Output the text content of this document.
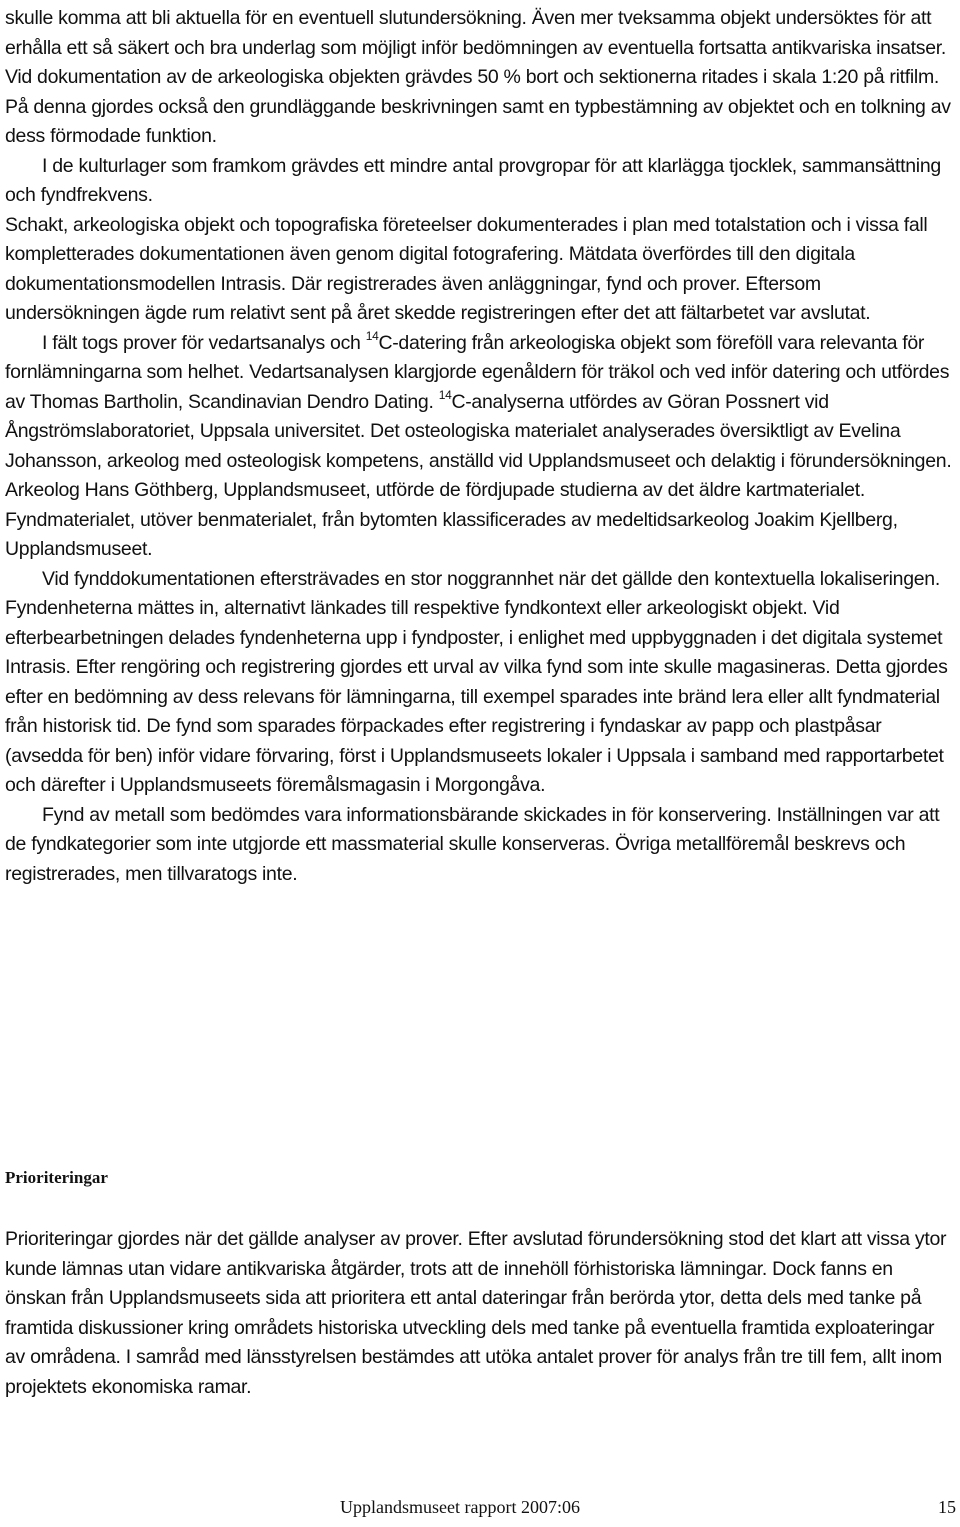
skulle komma att bli aktuella för en eventuell slutundersökning. Även mer tveksamma objekt undersöktes för att erhålla ett så säkert och bra underlag som möjligt inför bedömningen av eventuella fortsatta antikvariska insatser. Vid dokumentation av de arkeologiska objekten grävdes 50 % bort och sektionerna ritades i skala 1:20 på ritfilm. På denna gjordes också den grundläggande beskrivningen samt en typbestämning av objektet och en tolkning av dess förmodade funktion.

I de kulturlager som framkom grävdes ett mindre antal provgropar för att klarlägga tjocklek, sammansättning och fyndfrekvens.

Schakt, arkeologiska objekt och topografiska företeelser dokumenterades i plan med totalstation och i vissa fall kompletterades dokumentationen även genom digital fotografering. Mätdata överfördes till den digitala dokumentationsmodellen Intrasis. Där registrerades även anläggningar, fynd och prover. Eftersom undersökningen ägde rum relativt sent på året skedde registreringen efter det att fältarbetet var avslutat.

I fält togs prover för vedartsanalys och $^{14}$C-datering från arkeologiska objekt som föreföll vara relevanta för fornlämningarna som helhet. Vedartsanalysen klargjorde egenåldern för träkol och ved inför datering och utfördes av Thomas Bartholin, Scandinavian Dendro Dating. $^{14}$C-analyserna utfördes av Göran Possnert vid Ångströmslaboratoriet, Uppsala universitet. Det osteologiska materialet analyserades översiktligt av Evelina Johansson, arkeolog med osteologisk kompetens, anställd vid Upplandsmuseet och delaktig i förundersökningen. Arkeolog Hans Göthberg, Upplandsmuseet, utförde de fördjupade studierna av det äldre kartmaterialet. Fyndmaterialet, utöver benmaterialet, från bytomten klassificerades av medeltidsarkeolog Joakim Kjellberg, Upplandsmuseet.

Vid fynddokumentationen eftersträvades en stor noggrannhet när det gällde den kontextuella lokaliseringen. Fyndenheterna mättes in, alternativt länkades till respektive fyndkontext eller arkeologiskt objekt. Vid efterbearbetningen delades fyndenheterna upp i fyndposter, i enlighet med uppbyggnaden i det digitala systemet Intrasis. Efter rengöring och registrering gjordes ett urval av vilka fynd som inte skulle magasineras. Detta gjordes efter en bedömning av dess relevans för lämningarna, till exempel sparades inte bränd lera eller allt fyndmaterial från historisk tid. De fynd som sparades förpackades efter registrering i fyndaskar av papp och plastpåsar (avsedda för ben) inför vidare förvaring, först i Upplandsmuseets lokaler i Uppsala i samband med rapportarbetet och därefter i Upplandsmuseets föremålsmagasin i Morgongåva.

Fynd av metall som bedömdes vara informationsbärande skickades in för konservering. Inställningen var att de fyndkategorier som inte utgjorde ett massmaterial skulle konserveras. Övriga metallföremål beskrevs och registrerades, men tillvaratogs inte.

Prioriteringar

Prioriteringar gjordes när det gällde analyser av prover. Efter avslutad förundersökning stod det klart att vissa ytor kunde lämnas utan vidare antikvariska åtgärder, trots att de innehöll förhistoriska lämningar. Dock fanns en önskan från Upplandsmuseets sida att prioritera ett antal dateringar från berörda ytor, detta dels med tanke på framtida diskussioner kring områdets historiska utveckling dels med tanke på eventuella framtida exploateringar av områdena. I samråd med länsstyrelsen bestämdes att utöka antalet prover för analys från tre till fem, allt inom projektets ekonomiska ramar.

Upplandsmuseet rapport 2007:06	15
